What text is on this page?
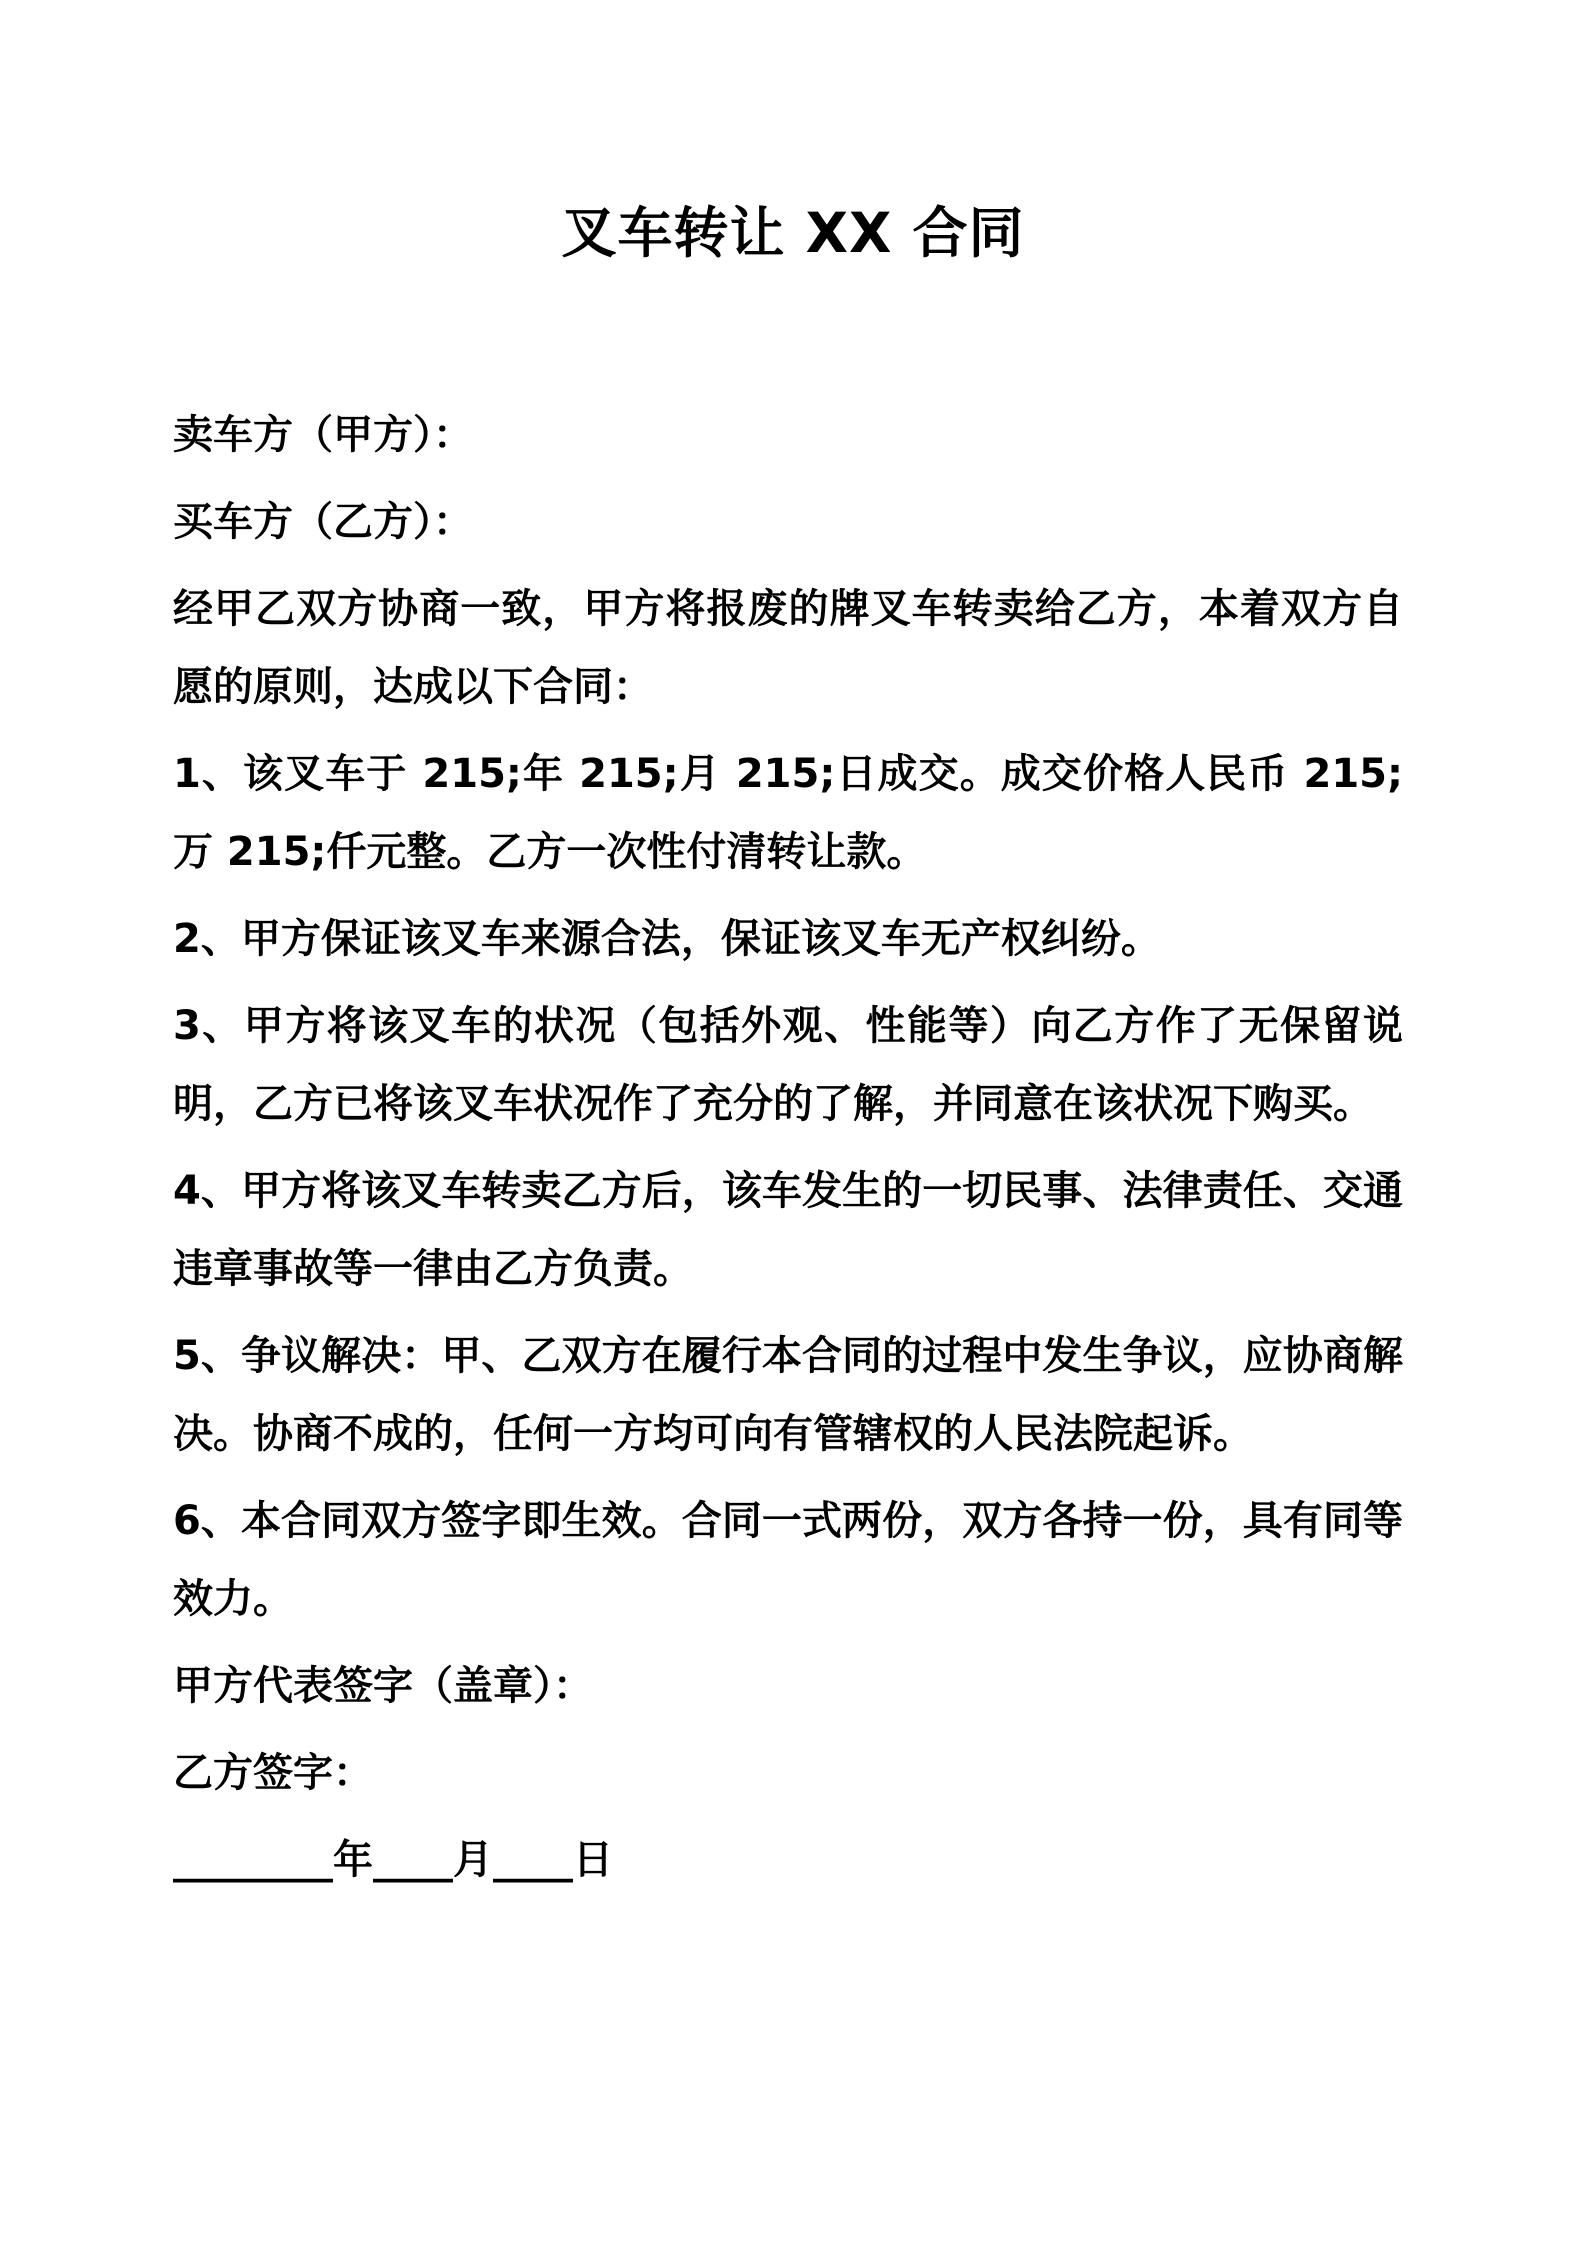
叉车转让 XX 合同

卖车方（甲方）：

买车方（乙方）：

经甲乙双方协商一致，甲方将报废的牌叉车转卖给乙方，本着双方自愿的原则，达成以下合同：

1、该叉车于 215;年 215;月 215;日成交。成交价格人民币 215;万 215;仟元整。乙方一次性付清转让款。

2、甲方保证该叉车来源合法，保证该叉车无产权纠纷。

3、甲方将该叉车的状况（包括外观、性能等）向乙方作了无保留说明，乙方已将该叉车状况作了充分的了解，并同意在该状况下购买。

4、甲方将该叉车转卖乙方后，该车发生的一切民事、法律责任、交通违章事故等一律由乙方负责。

5、争议解决：甲、乙双方在履行本合同的过程中发生争议，应协商解决。协商不成的，任何一方均可向有管辖权的人民法院起诉。

6、本合同双方签字即生效。合同一式两份，双方各持一份，具有同等效力。

甲方代表签字（盖章）：

乙方签字：

________年____月____日
